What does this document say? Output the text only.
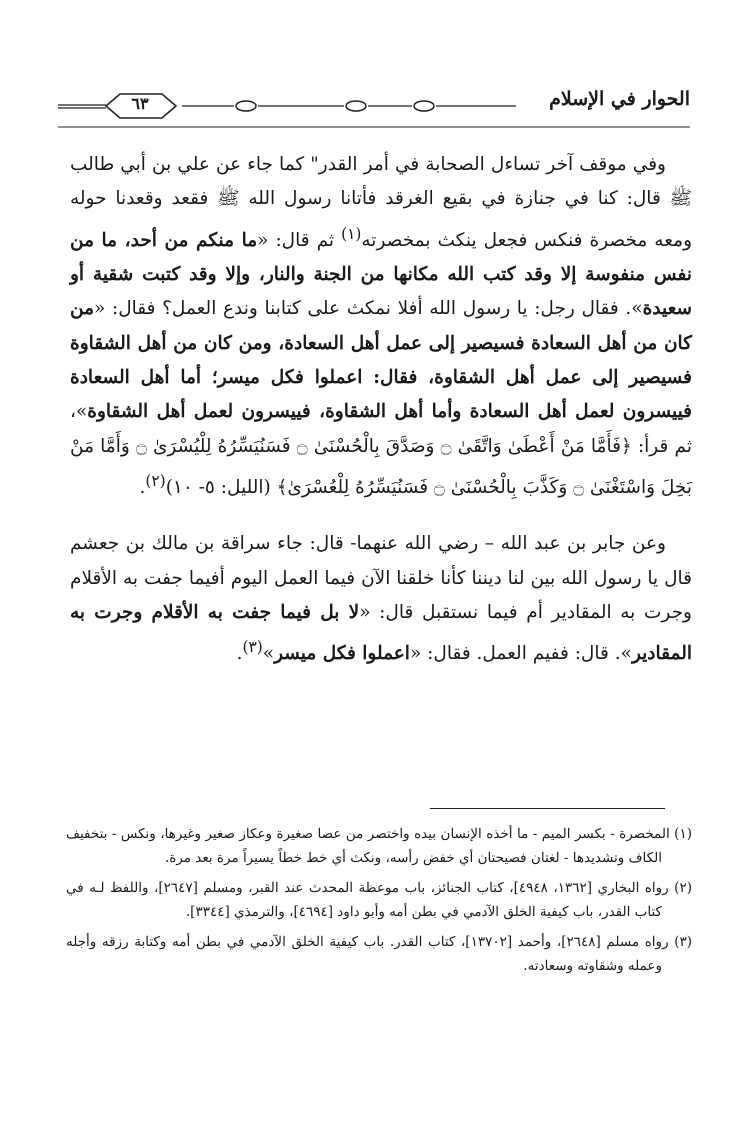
٦٣	الحوار في الإسلام

وفي موقف آخر تساءل الصحابة في أمر القدر" كما جاء عن علي بن أبي طالب ﷺ قال: كنا في جنازة في بقيع الغرقد فأتانا رسول الله ﷺ فقعد وقعدنا حوله ومعه مخصرة فنكس فجعل ينكث بمخصرته$^{(١)}$ ثم قال: «ما منكم من أحد، ما من نفس منفوسة إلا وقد كتب الله مكانها من الجنة والنار، وإلا وقد كتبت شقية أو سعيدة». فقال رجل: يا رسول الله أفلا نمكث على كتابنا وندع العمل؟ فقال: «من كان من أهل السعادة فسيصير إلى عمل أهل السعادة، ومن كان من أهل الشقاوة فسيصير إلى عمل أهل الشقاوة، فقال: اعملوا فكل ميسر؛ أما أهل السعادة فييسرون لعمل أهل السعادة وأما أهل الشقاوة، فييسرون لعمل أهل الشقاوة»، ثم قرأ: ﴿فَأَمَّا مَنْ أَعْطَىٰ وَاتَّقَىٰ ۝ وَصَدَّقَ بِالْحُسْنَىٰ ۝ فَسَنُيَسِّرُهُ لِلْيُسْرَىٰ ۝ وَأَمَّا مَنْ بَخِلَ وَاسْتَغْنَىٰ ۝ وَكَذَّبَ بِالْحُسْنَىٰ ۝ فَسَنُيَسِّرُهُ لِلْعُسْرَىٰ﴾ (الليل: ٥- ١٠)$^{(٢)}$.

وعن جابر بن عبد الله – رضي الله عنهما- قال: جاء سراقة بن مالك بن جعشم قال يا رسول الله بين لنا ديننا كأنا خلقنا الآن فيما العمل اليوم أفيما جفت به الأقلام وجرت به المقادير أم فيما نستقبل قال: «لا بل فيما جفت به الأقلام وجرت به المقادير». قال: ففيم العمل. فقال: «اعملوا فكل ميسر»$^{(٣)}$.

(١) المخصرة - بكسر الميم - ما أخذه الإنسان بيده واختصر من عصا صغيرة وعكاز صغير وغيرها، ونكس - بتخفيف الكاف وتشديدها - لغتان فصيحتان أي خفض رأسه، ونكث أي خط خطاً يسيراً مرة بعد مرة.

(٢) رواه البخاري [١٣٦٢، ٤٩٤٨]، كتاب الجنائز، باب موعظة المحدث عند القبر، ومسلم [٢٦٤٧]، واللفظ لـه في كتاب القدر، باب كيفية الخلق الآدمي في بطن أمه وأبو داود [٤٦٩٤]، والترمذي [٣٣٤٤].

(٣) رواه مسلم [٢٦٤٨]، وأحمد [١٣٧٠٢]، كتاب القدر. باب كيفية الخلق الآدمي في بطن أمه وكتابة رزقه وأجله وعمله وشقاوته وسعادته.
